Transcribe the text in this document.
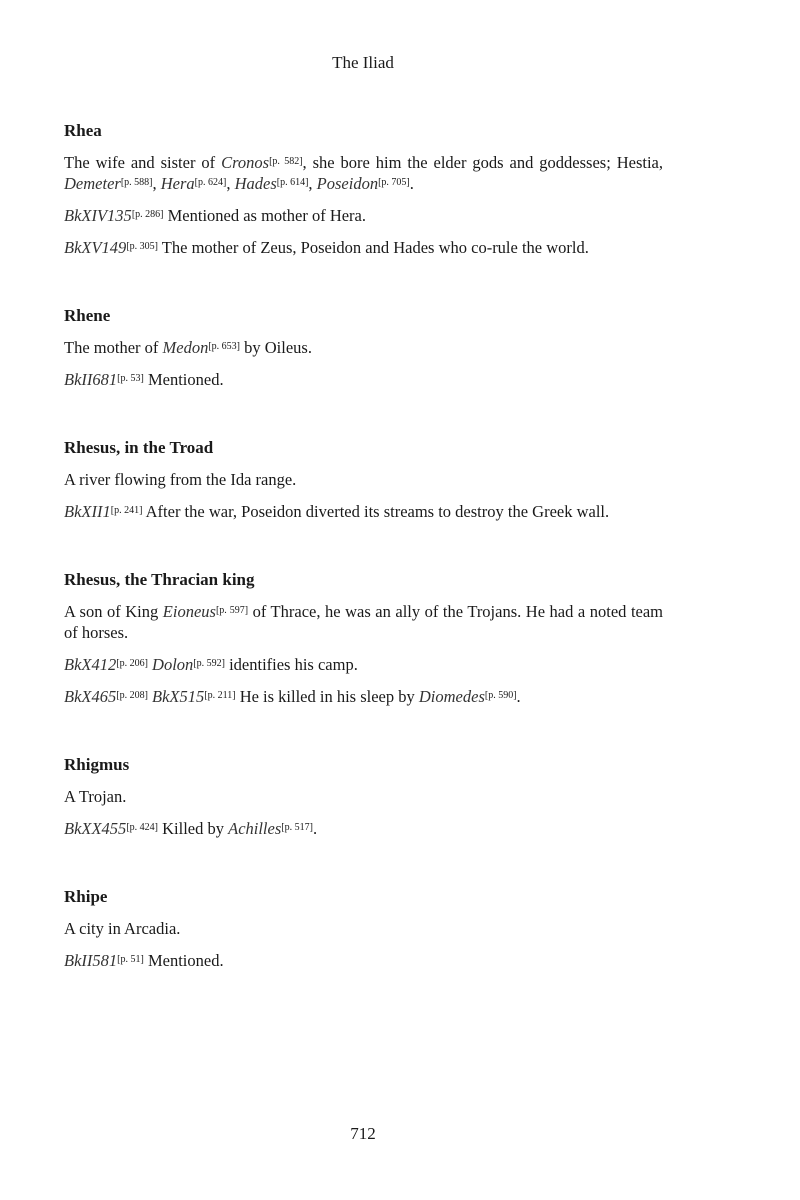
The Iliad
Rhea
The wife and sister of Cronos[p. 582], she bore him the elder gods and goddesses; Hestia, Demeter[p. 588], Hera[p. 624], Hades[p. 614], Poseidon[p. 705].
BkXIV135[p. 286] Mentioned as mother of Hera.
BkXV149[p. 305] The mother of Zeus, Poseidon and Hades who co-rule the world.
Rhene
The mother of Medon[p. 653] by Oileus.
BkII681[p. 53] Mentioned.
Rhesus, in the Troad
A river flowing from the Ida range.
BkXII1[p. 241] After the war, Poseidon diverted its streams to destroy the Greek wall.
Rhesus, the Thracian king
A son of King Eioneus[p. 597] of Thrace, he was an ally of the Trojans. He had a noted team of horses.
BkX412[p. 206] Dolon[p. 592] identifies his camp.
BkX465[p. 208] BkX515[p. 211] He is killed in his sleep by Diomedes[p. 590].
Rhigmus
A Trojan.
BkXX455[p. 424] Killed by Achilles[p. 517].
Rhipe
A city in Arcadia.
BkII581[p. 51] Mentioned.
712
